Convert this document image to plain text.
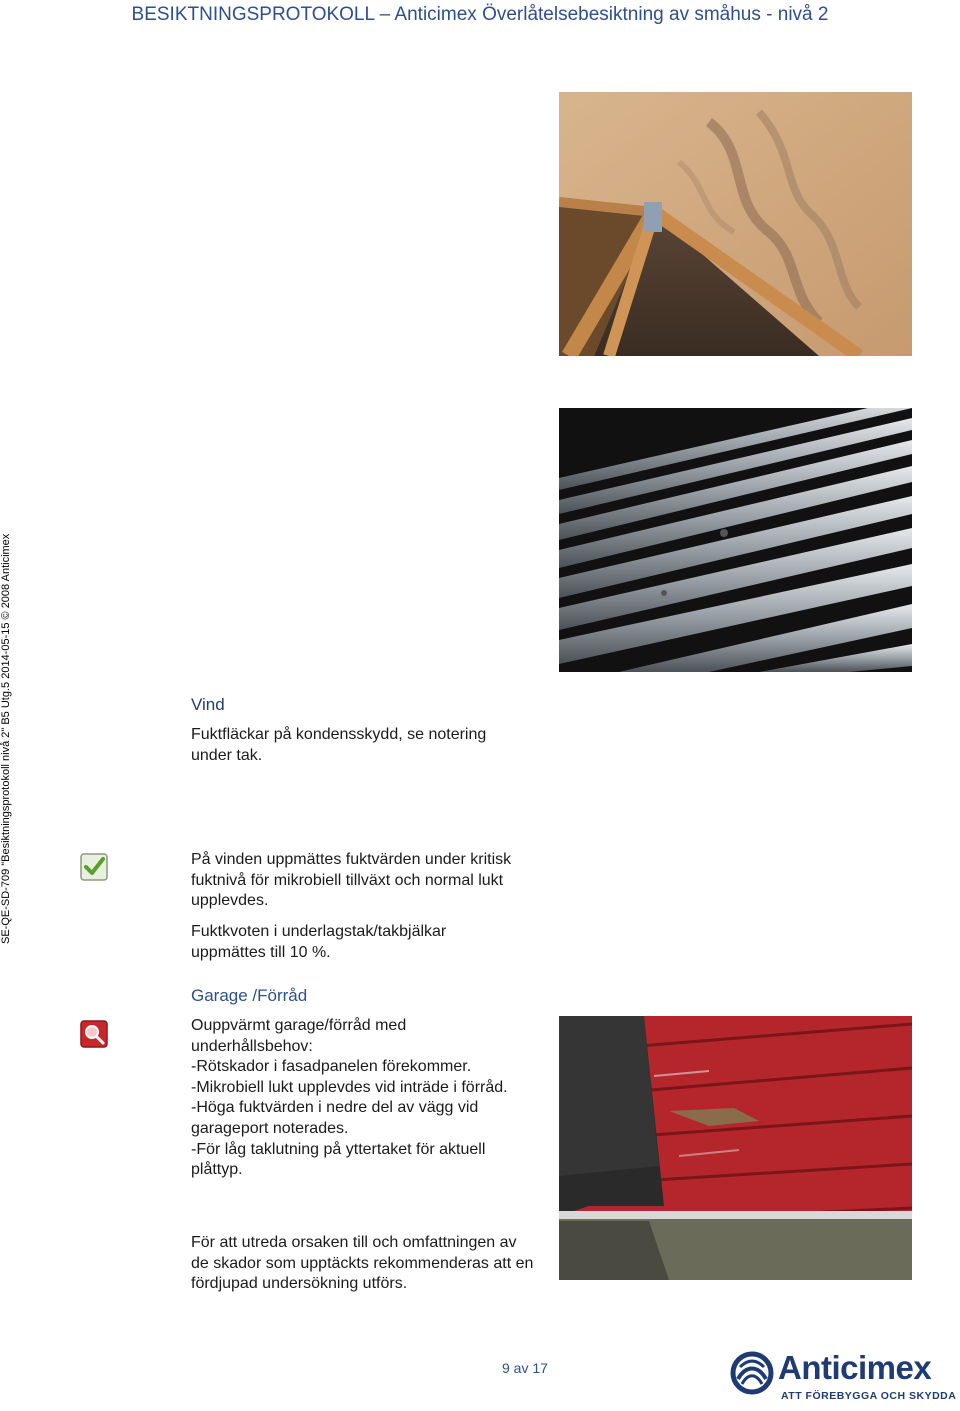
BESIKTNINGSPROTOKOLL – Anticimex Överlåtelsebesiktning av småhus - nivå 2
SE-QE-SD-709 "Besiktningsprotokoll nivå 2" B5 Utg.5 2014-05-15 © 2008 Anticimex	Vind
Fuktfläckar på kondensskydd, se notering under tak.
På vinden uppmättes fuktvärden under kritisk fuktnivå för mikrobiell tillväxt och normal lukt upplevdes.
Fuktkvoten i underlagstak/takbjälkar uppmättes till 10 %.
Garage /Förråd
Ouppvärmt garage/förråd med underhållsbehov:
-Rötskador i fasadpanelen förekommer.
-Mikrobiell lukt upplevdes vid inträde i förråd.
-Höga fuktvärden i nedre del av vägg vid garageport noterades.
-För låg taklutning på yttertaket för aktuell plåttyp.
För att utreda orsaken till och omfattningen av de skador som upptäckts rekommenderas att en fördjupad undersökning utförs.
9 av 17	Anticimex
ATT FÖREBYGGA OCH SKYDDA
